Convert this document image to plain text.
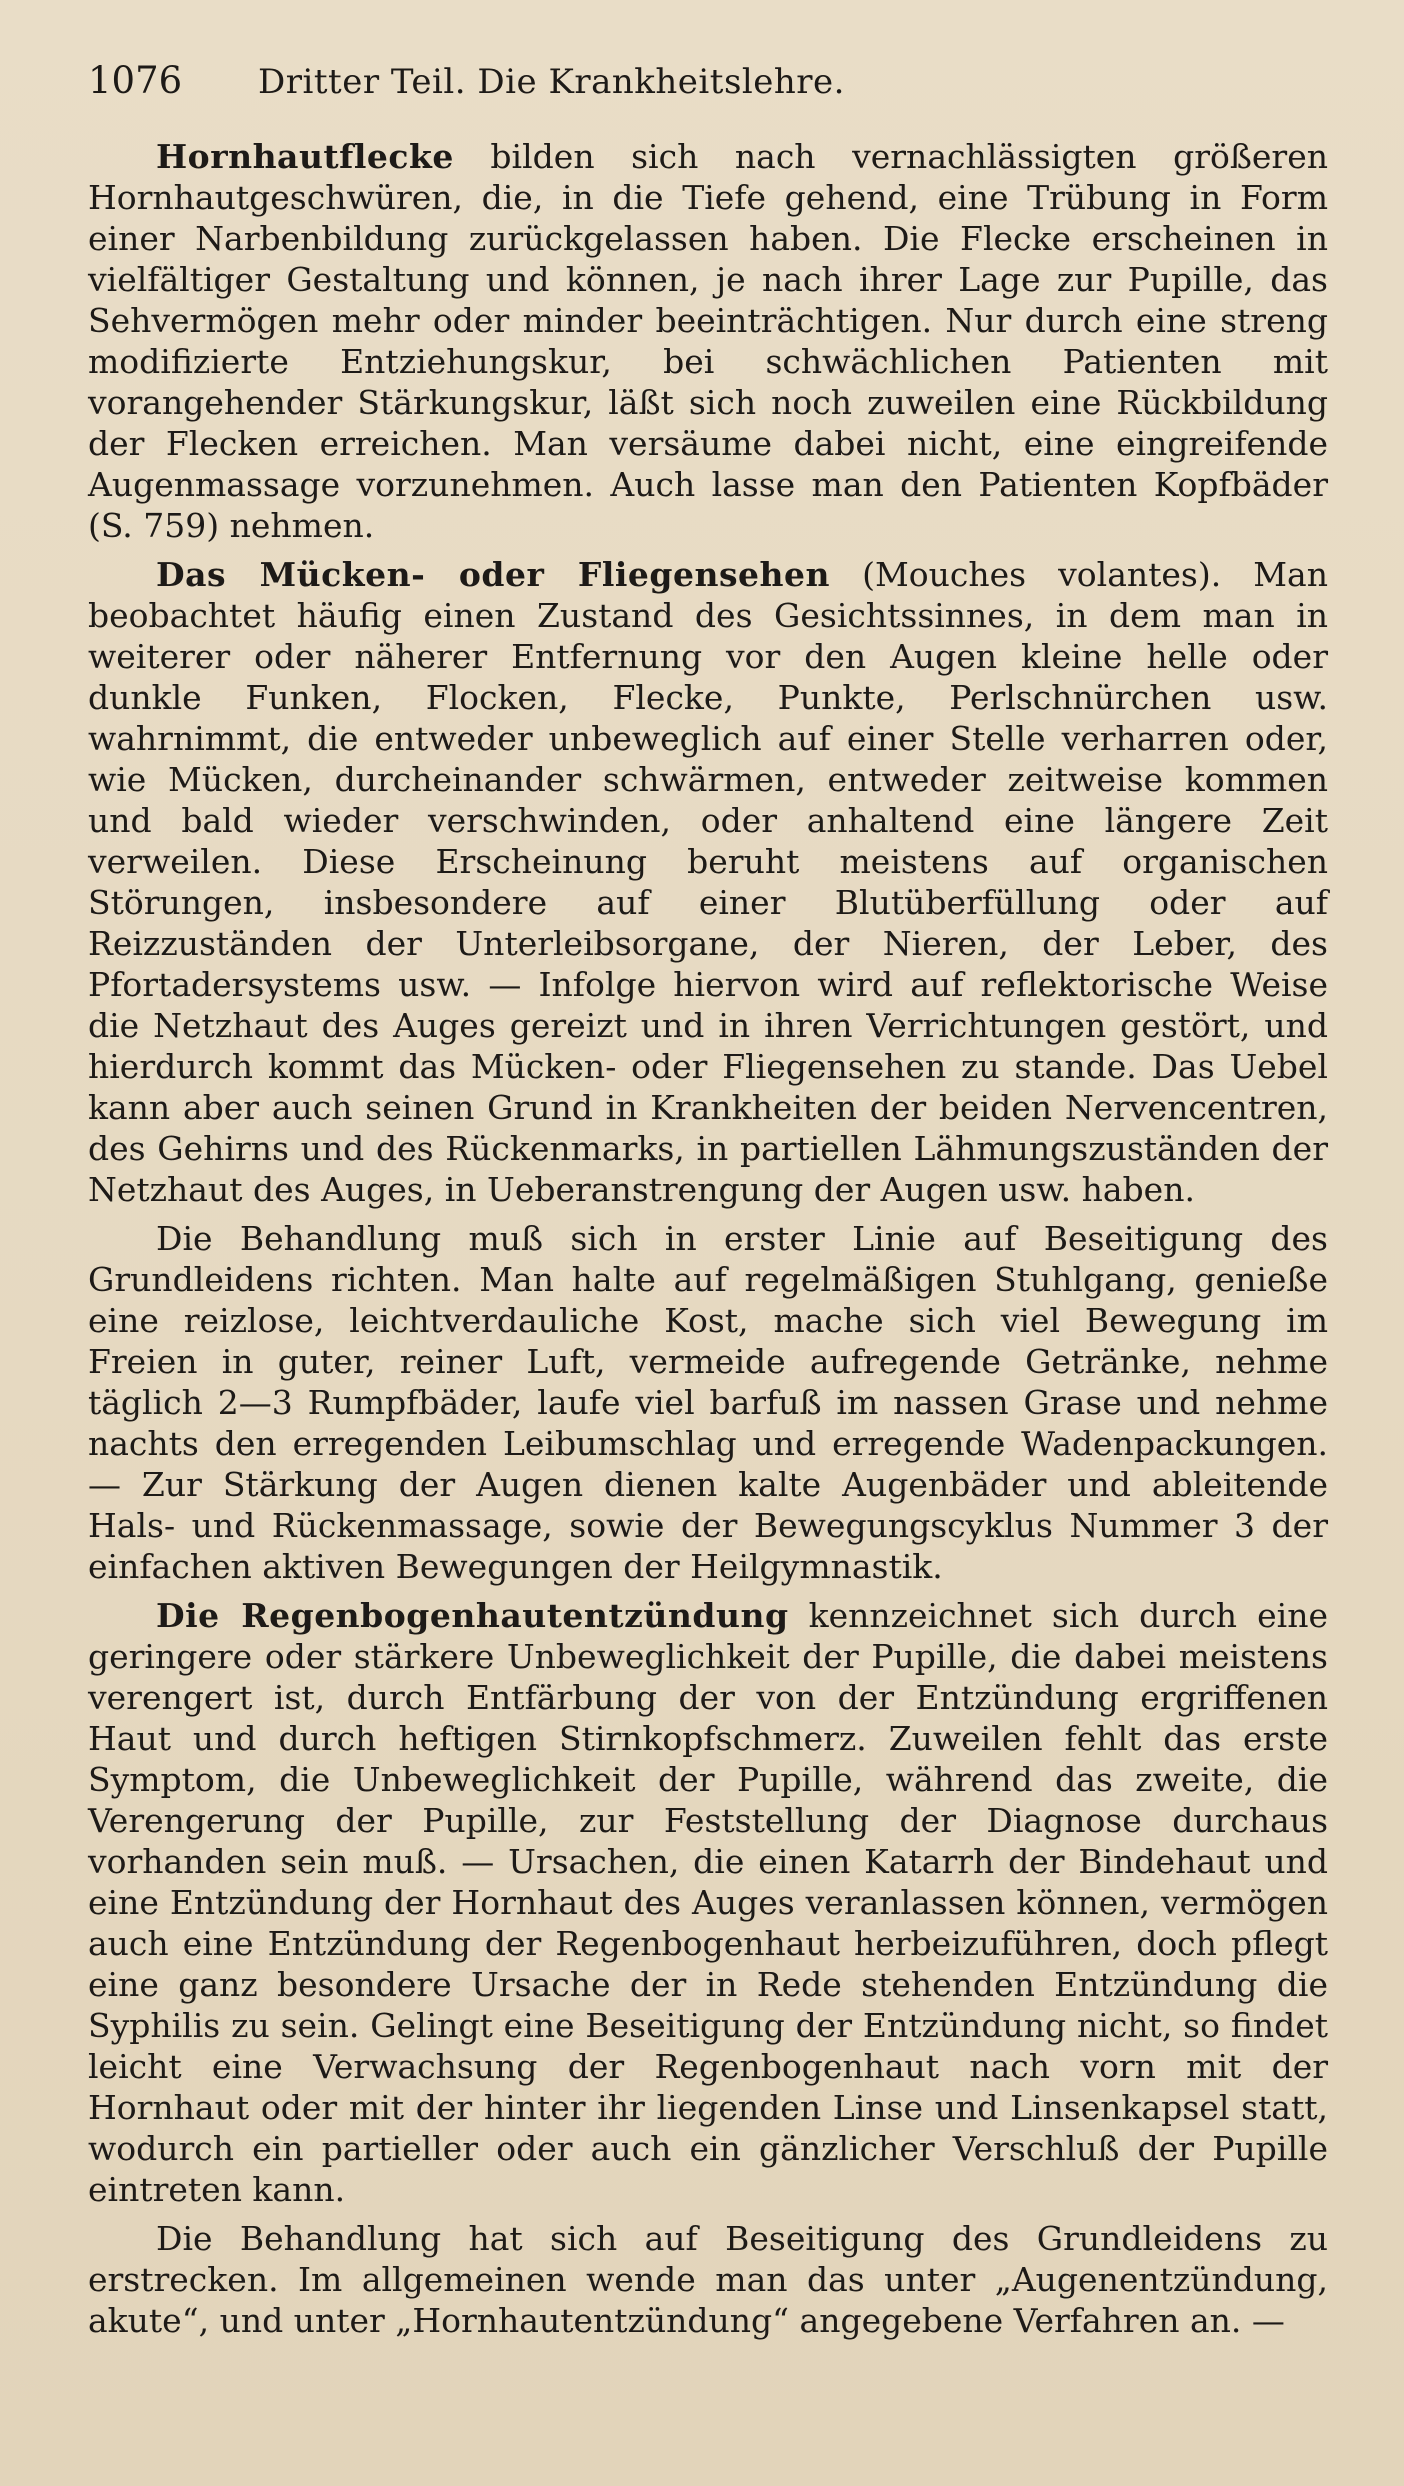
1076	Dritter Teil. Die Krankheitslehre.

Hornhautflecke bilden sich nach vernachlässigten größeren Hornhautgeschwüren, die, in die Tiefe gehend, eine Trübung in Form einer Narbenbildung zurückgelassen haben. Die Flecke erscheinen in vielfältiger Gestaltung und können, je nach ihrer Lage zur Pupille, das Sehvermögen mehr oder minder beeinträchtigen. Nur durch eine streng modifizierte Entziehungskur, bei schwächlichen Patienten mit vorangehender Stärkungskur, läßt sich noch zuweilen eine Rückbildung der Flecken erreichen. Man versäume dabei nicht, eine eingreifende Augenmassage vorzunehmen. Auch lasse man den Patienten Kopfbäder (S. 759) nehmen.

Das Mücken- oder Fliegensehen (Mouches volantes). Man beobachtet häufig einen Zustand des Gesichtssinnes, in dem man in weiterer oder näherer Entfernung vor den Augen kleine helle oder dunkle Funken, Flocken, Flecke, Punkte, Perlschnürchen usw. wahrnimmt, die entweder unbeweglich auf einer Stelle verharren oder, wie Mücken, durcheinander schwärmen, entweder zeitweise kommen und bald wieder verschwinden, oder anhaltend eine längere Zeit verweilen. Diese Erscheinung beruht meistens auf organischen Störungen, insbesondere auf einer Blutüberfüllung oder auf Reizzuständen der Unterleibsorgane, der Nieren, der Leber, des Pfortadersystems usw. — Infolge hiervon wird auf reflektorische Weise die Netzhaut des Auges gereizt und in ihren Verrichtungen gestört, und hierdurch kommt das Mücken- oder Fliegensehen zu stande. Das Uebel kann aber auch seinen Grund in Krankheiten der beiden Nervencentren, des Gehirns und des Rückenmarks, in partiellen Lähmungszuständen der Netzhaut des Auges, in Ueberanstrengung der Augen usw. haben.

Die Behandlung muß sich in erster Linie auf Beseitigung des Grundleidens richten. Man halte auf regelmäßigen Stuhlgang, genieße eine reizlose, leichtverdauliche Kost, mache sich viel Bewegung im Freien in guter, reiner Luft, vermeide aufregende Getränke, nehme täglich 2—3 Rumpfbäder, laufe viel barfuß im nassen Grase und nehme nachts den erregenden Leibumschlag und erregende Wadenpackungen. — Zur Stärkung der Augen dienen kalte Augenbäder und ableitende Hals- und Rückenmassage, sowie der Bewegungscyklus Nummer 3 der einfachen aktiven Bewegungen der Heilgymnastik.

Die Regenbogenhautentzündung kennzeichnet sich durch eine geringere oder stärkere Unbeweglichkeit der Pupille, die dabei meistens verengert ist, durch Entfärbung der von der Entzündung ergriffenen Haut und durch heftigen Stirnkopfschmerz. Zuweilen fehlt das erste Symptom, die Unbeweglichkeit der Pupille, während das zweite, die Verengerung der Pupille, zur Feststellung der Diagnose durchaus vorhanden sein muß. — Ursachen, die einen Katarrh der Bindehaut und eine Entzündung der Hornhaut des Auges veranlassen können, vermögen auch eine Entzündung der Regenbogenhaut herbeizuführen, doch pflegt eine ganz besondere Ursache der in Rede stehenden Entzündung die Syphilis zu sein. Gelingt eine Beseitigung der Entzündung nicht, so findet leicht eine Verwachsung der Regenbogenhaut nach vorn mit der Hornhaut oder mit der hinter ihr liegenden Linse und Linsenkapsel statt, wodurch ein partieller oder auch ein gänzlicher Verschluß der Pupille eintreten kann.

Die Behandlung hat sich auf Beseitigung des Grundleidens zu erstrecken. Im allgemeinen wende man das unter „Augenentzündung, akute“, und unter „Hornhautentzündung“ angegebene Verfahren an. —
